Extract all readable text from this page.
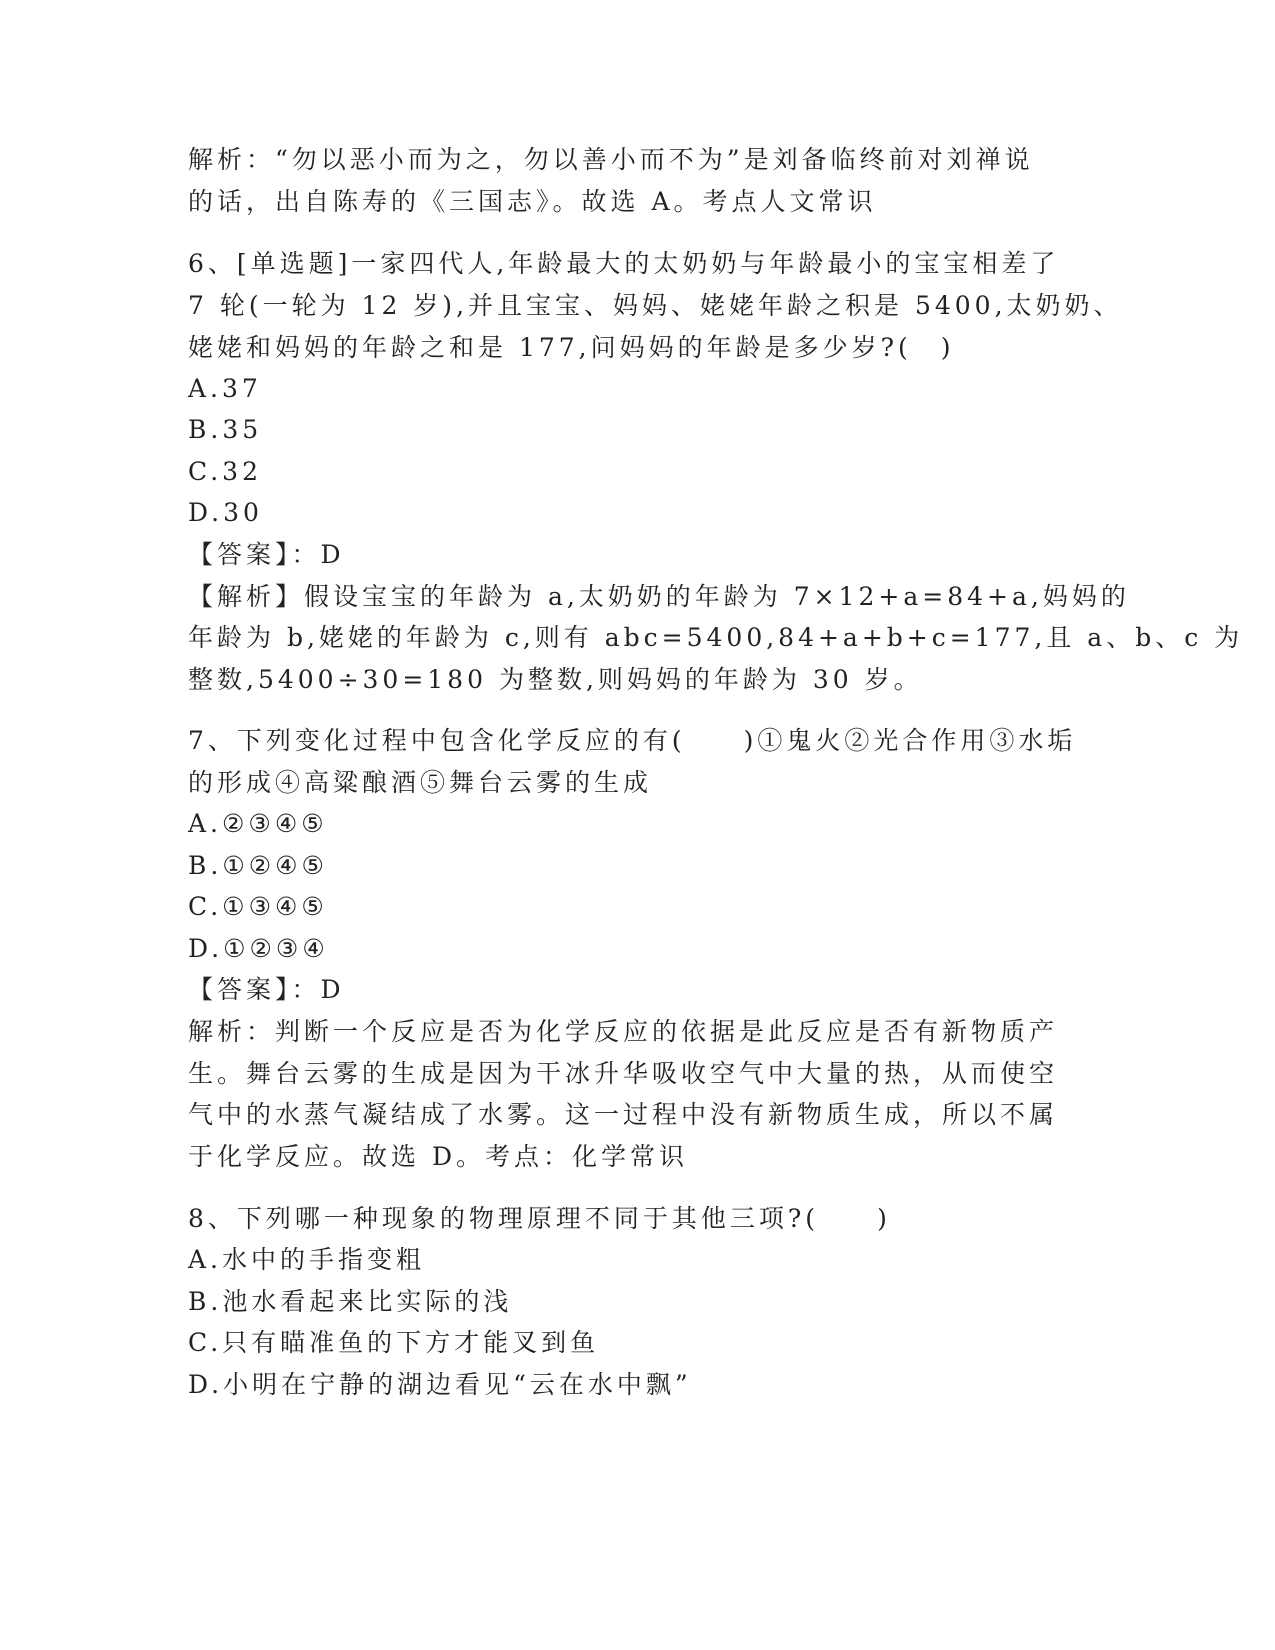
解析：“勿以恶小而为之，勿以善小而不为”是刘备临终前对刘禅说
的话，出自陈寿的《三国志》。故选 A。考点人文常识
6、[单选题]一家四代人,年龄最大的太奶奶与年龄最小的宝宝相差了
7 轮(一轮为 12 岁),并且宝宝、妈妈、姥姥年龄之积是 5400,太奶奶、
姥姥和妈妈的年龄之和是 177,问妈妈的年龄是多少岁?(　)
A.37
B.35
C.32
D.30
【答案】：D
【解析】假设宝宝的年龄为 a,太奶奶的年龄为 7×12+a=84+a,妈妈的
年龄为 b,姥姥的年龄为 c,则有 abc=5400,84+a+b+c=177,且 a、b、c 为
整数,5400÷30=180 为整数,则妈妈的年龄为 30 岁。
7、下列变化过程中包含化学反应的有(　　)①鬼火②光合作用③水垢
的形成④高粱酿酒⑤舞台云雾的生成
A.②③④⑤
B.①②④⑤
C.①③④⑤
D.①②③④
【答案】：D
解析：判断一个反应是否为化学反应的依据是此反应是否有新物质产
生。舞台云雾的生成是因为干冰升华吸收空气中大量的热，从而使空
气中的水蒸气凝结成了水雾。这一过程中没有新物质生成，所以不属
于化学反应。故选 D。考点：化学常识
8、下列哪一种现象的物理原理不同于其他三项?(　　)
A.水中的手指变粗
B.池水看起来比实际的浅
C.只有瞄准鱼的下方才能叉到鱼
D.小明在宁静的湖边看见“云在水中飘”
